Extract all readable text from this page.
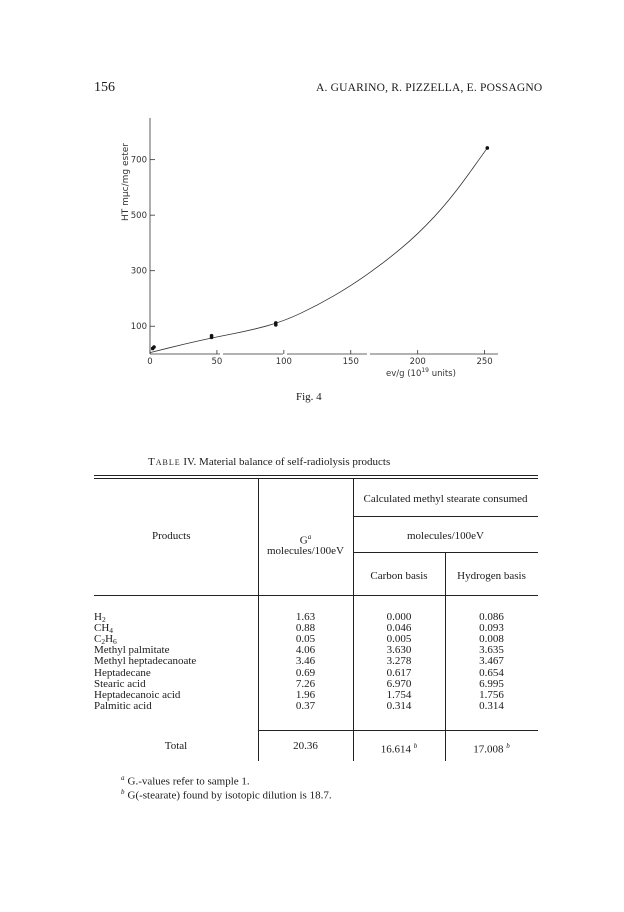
156	A. GUARINO, R. PIZZELLA, E. POSSAGNO
100
300
500
700
0	50	100	150	200	250
HT mμc/mg ester
ev/g ($10^{19}$ units)
Fig. 4
Table IV. Material balance of self-radiolysis products
Products	$G^a$
molecules/100eV
Calculated methyl stearate consumed
molecules/100eV
Carbon basis	Hydrogen basis
$H_2$	1.63	0.000	0.086
$CH_4$	0.88	0.046	0.093
$C_2H_6$	0.05	0.005	0.008
Methyl palmitate	4.06	3.630	3.635
Methyl heptadecanoate	3.46	3.278	3.467
Heptadecane	0.69	0.617	0.654
Stearic acid	7.26	6.970	6.995
Heptadecanoic acid	1.96	1.754	1.756
Palmitic acid	0.37	0.314	0.314
Total	20.36	16.614 $^b$	17.008 $^b$
$^a$ G.-values refer to sample 1.
$^b$ G(-stearate) found by isotopic dilution is 18.7.
